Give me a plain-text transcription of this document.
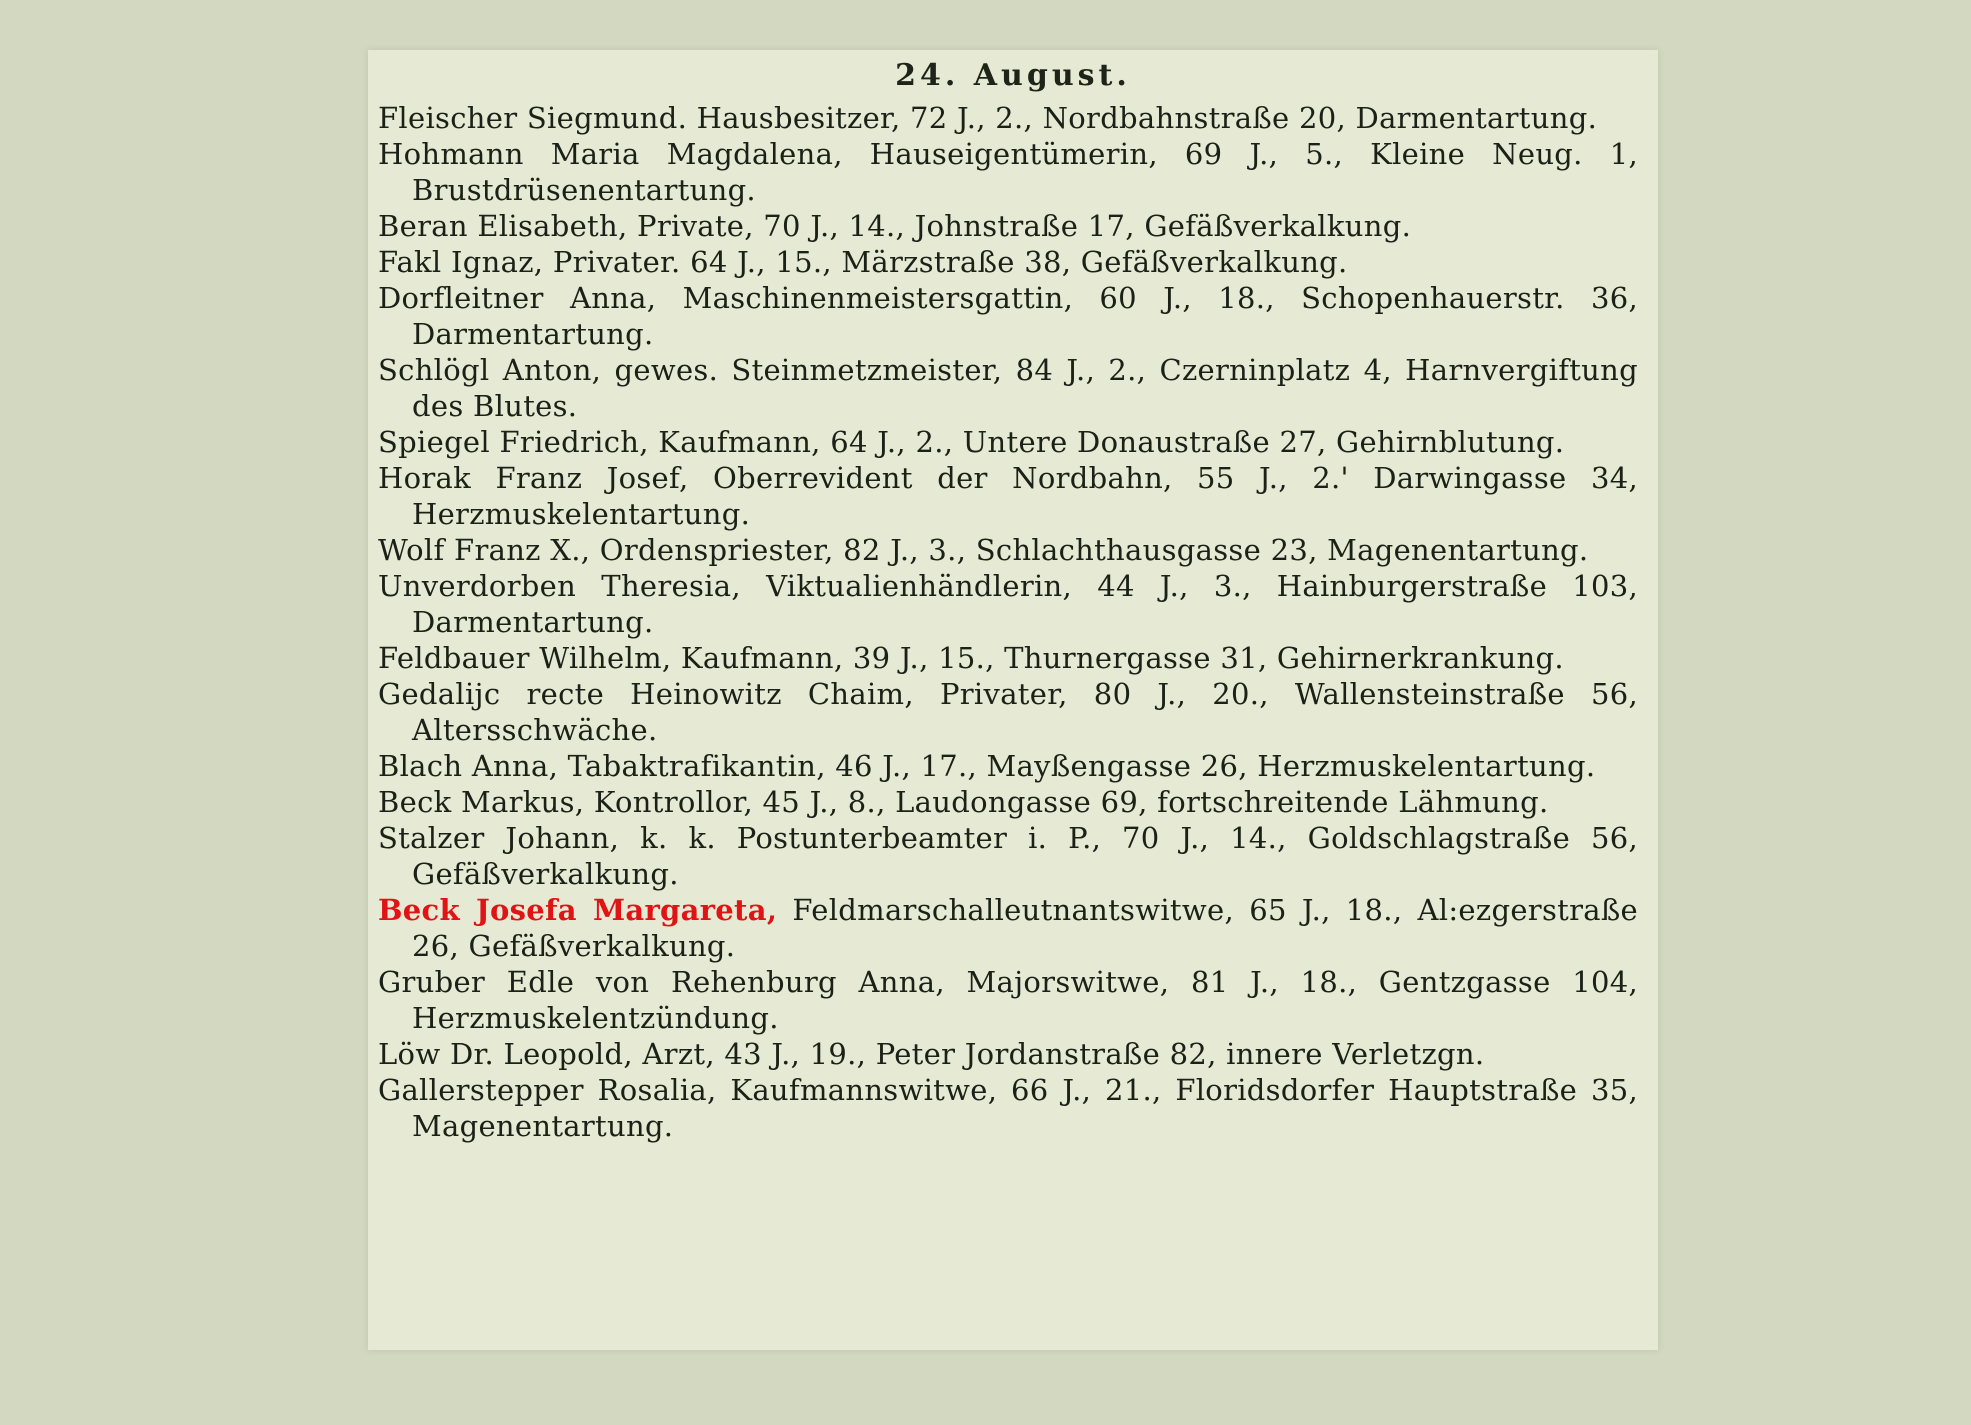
24. August.
Fleischer Siegmund. Hausbesitzer, 72 J., 2., Nordbahnstraße 20, Darmentartung.
Hohmann Maria Magdalena, Hauseigentümerin, 69 J., 5., Kleine Neug. 1, Brustdrüsenentartung.
Beran Elisabeth, Private, 70 J., 14., Johnstraße 17, Gefäßverkalkung.
Fakl Ignaz, Privater. 64 J., 15., Märzstraße 38, Gefäßverkalkung.
Dorfleitner Anna, Maschinenmeistersgattin, 60 J., 18., Schopenhauerstr. 36, Darmentartung.
Schlögl Anton, gewes. Steinmetzmeister, 84 J., 2., Czerninplatz 4, Harnvergiftung des Blutes.
Spiegel Friedrich, Kaufmann, 64 J., 2., Untere Donaustraße 27, Gehirnblutung.
Horak Franz Josef, Oberrevident der Nordbahn, 55 J., 2.' Darwingasse 34, Herzmuskelentartung.
Wolf Franz X., Ordenspriester, 82 J., 3., Schlachthausgasse 23, Magenentartung.
Unverdorben Theresia, Viktualienhändlerin, 44 J., 3., Hainburgerstraße 103, Darmentartung.
Feldbauer Wilhelm, Kaufmann, 39 J., 15., Thurnergasse 31, Gehirnerkrankung.
Gedalijc recte Heinowitz Chaim, Privater, 80 J., 20., Wallensteinstraße 56, Altersschwäche.
Blach Anna, Tabaktrafikantin, 46 J., 17., Mayßengasse 26, Herzmuskelentartung.
Beck Markus, Kontrollor, 45 J., 8., Laudongasse 69, fortschreitende Lähmung.
Stalzer Johann, k. k. Postunterbeamter i. P., 70 J., 14., Goldschlagstraße 56, Gefäßverkalkung.
Beck Josefa Margareta, Feldmarschalleutnantswitwe, 65 J., 18., Al:ezgerstraße 26, Gefäßverkalkung.
Gruber Edle von Rehenburg Anna, Majorswitwe, 81 J., 18., Gentzgasse 104, Herzmuskelentzündung.
Löw Dr. Leopold, Arzt, 43 J., 19., Peter Jordanstraße 82, innere Verletzgn.
Gallerstepper Rosalia, Kaufmannswitwe, 66 J., 21., Floridsdorfer Hauptstraße 35, Magenentartung.
